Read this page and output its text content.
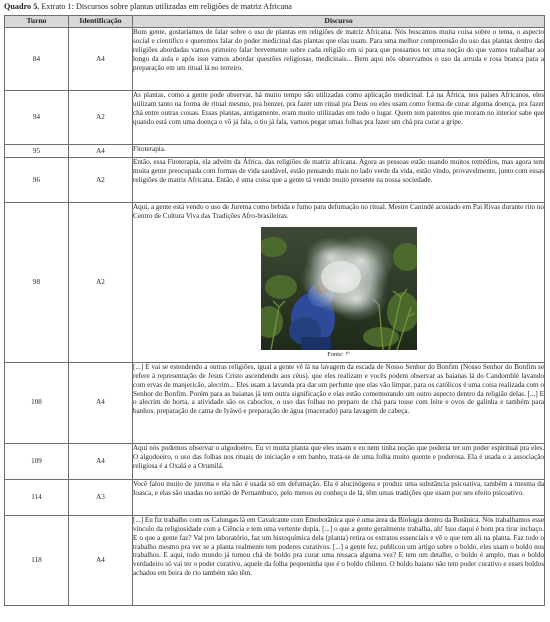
Quadro 5. Extrato 1: Discursos sobre plantas utilizadas em religiões de matriz Africana
Turno	Identificação	Discurso
84	A4	Bom gente, gostaríamos de falar sobre o uso de plantas em religiões de matriz Africana. Nós buscamos muita coisa sobre o tema, o aspecto social e científico e queremos falar do poder medicinal das plantas que elas usam. Para uma melhor compreensão do uso das plantas dentro das religiões abordadas vamos primeiro falar brevemente sobre cada religião em si para que possamos ter uma noção do que vamos trabalhar ao longo da aula e após isso vamos abordar questões religiosas, medicinais... Bem aqui nós observamos o uso da arruda e rosa branca para a preparação em um ritual lá no terreiro.
94	A2	As plantas, como a gente pode observar, há muito tempo são utilizadas como aplicação medicinal. Lá na África, nos países Africanos, eles utilizam tanto na forma de ritual mesmo, pra benzer, pra fazer um ritual pra Deus ou eles usam como forma de curar alguma doença, pra fazer chá entre outras coisas. Essas plantas, antigamente, eram muito utilizadas em todo o lugar. Quem tem parentes que moram no interior sabe que quando está com uma doença o vô já fala, o tio já fala, vamos pegar umas folhas pra fazer um chá pra curar a gripe.
95	A4	Fitoterapia.
96	A2	Então, essa Fitoterapia, ela advém da África, das religiões de matriz africana. Agora as pessoas estão usando muitos remédios, mas agora tem muita gente preocupada com formas de vida saudável, estão pensando mais no lado verde da vida, estão vindo, provavelmente, junto com essas religiões de matriz Africana. Então, é uma coisa que a gente tá vendo muito presente na nossa sociedade.
98	A2	Aqui, a gente está vendo o uso de Jurema como bebida e fumo para defumação no ritual. Mestre Canindé acostado em Pai Rivas durante rito no Centro de Cultura Viva das Tradições Afro-brasileiras.
Fonte: ¹⁰

108	A4	[...] E vai se estendendo a outras religiões, igual a gente vê lá na lavagem da escada de Nosso Senhor do Bonfim (Nosso Senhor do Bonfim se refere à representação de Jesus Cristo ascendendo aos céus). que eles realizam e vocês podem observar as baianas lá do Candomblé lavando com ervas de manjericão, alecrim... Eles usam a lavanda pra dar um perfume que elas vão limpar, para os católicos é uma coisa realizada com o Senhor do Bonfim. Porém para as baianas já tem outra significação e elas estão comemorando um outro aspecto dentro da religião delas. [...] E o alecrim de horta, a atividade são os caboclos, o uso das folhas no preparo de chá para tosse com leite e ovos de galinha e também para banhos, preparação de cama de Iyáwó e preparação de água (macerado) para lavagem de cabeça.
109	A4	Aqui nós podemos observar o algodoeiro. Eu vi muita planta que eles usam e eu nem tinha noção que poderia ter um poder espiritual pra eles. O algodoeiro, o uso das folhas nos rituais de iniciação e em banho, trata-se de uma folha muito quente e poderosa. Ela é usada e a associação religiosa é a Oxalá e a Orumilá.
114	A3	Você falou muito de jurema e ela não é usada só em defumação. Ela é alucinógena e produz uma substância psicoativa, também a mesma da Ioasca, e elas são usadas no sertão de Pernambuco, pelo menos eu conheço de lá, têm umas tradições que usam por seu efeito psicoativo.
118	A4	[...] Eu fiz trabalho com os Calungas lá em Cavalcante com Etnobotânica que é uma área da Biologia dentro da Botânica. Nós trabalhamos esse vínculo da religiosidade com a Ciência e tem uma vertente dupla. [...] o que a gente geralmente trabalha, ah! Isso daqui é bom pra tirar inchaço. E o que a gente faz? Vai pro laboratório, faz um histoquímica dela (planta) retira os extratos essenciais e vê o que tem ali na planta. Faz todo o trabalho mesmo pra ver se a planta realmente tem poderes curativos. [...] a gente fez, publicou um artigo sobre o boldo, eles usam o boldo nos trabalhos. E aqui, todo mundo já tomou chá de boldo pra curar uma ressaca alguma vez? E tem um detalhe, o boldo é amplo, mas o boldo verdadeiro só vai ter o poder curativo, aquele da folha pequeninha que é o boldo chileno. O boldo baiano não tem poder curativo e esses boldos achados em beira de rio também não têm.
